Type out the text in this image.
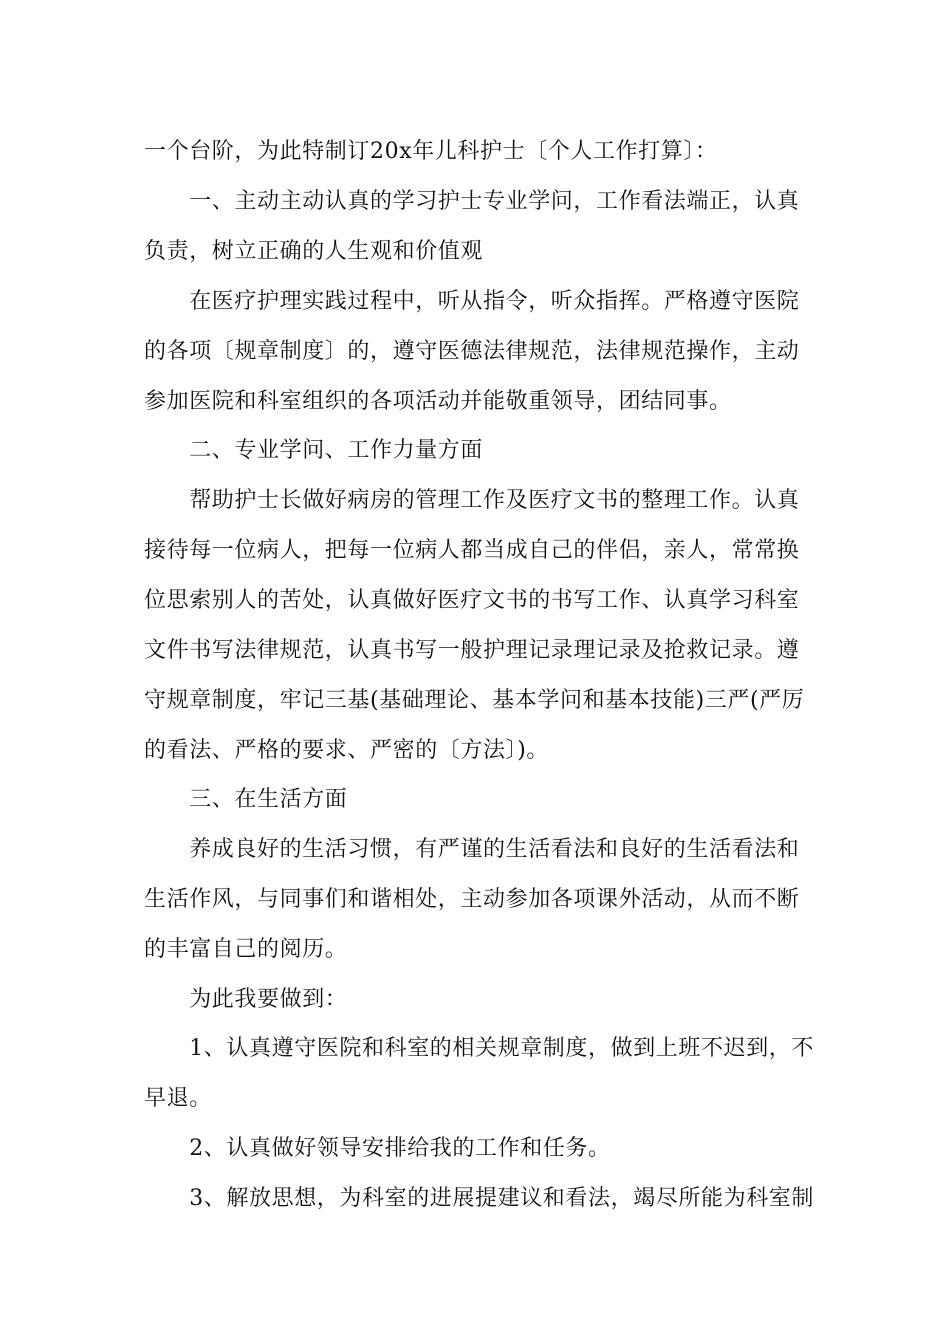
一个台阶，为此特制订20x年儿科护士〔个人工作打算〕：
　　一、主动主动认真的学习护士专业学问，工作看法端正，认真
负责，树立正确的人生观和价值观
　　在医疗护理实践过程中，听从指令，听众指挥。严格遵守医院
的各项〔规章制度〕的，遵守医德法律规范，法律规范操作，主动
参加医院和科室组织的各项活动并能敬重领导，团结同事。
　　二、专业学问、工作力量方面
　　帮助护士长做好病房的管理工作及医疗文书的整理工作。认真
接待每一位病人，把每一位病人都当成自己的伴侣，亲人，常常换
位思索别人的苦处，认真做好医疗文书的书写工作、认真学习科室
文件书写法律规范，认真书写一般护理记录理记录及抢救记录。遵
守规章制度，牢记三基(基础理论、基本学问和基本技能)三严(严厉
的看法、严格的要求、严密的〔方法〕)。
　　三、在生活方面
　　养成良好的生活习惯，有严谨的生活看法和良好的生活看法和
生活作风，与同事们和谐相处，主动参加各项课外活动，从而不断
的丰富自己的阅历。
　　为此我要做到：
　　1、认真遵守医院和科室的相关规章制度，做到上班不迟到，不
早退。
　　2、认真做好领导安排给我的工作和任务。
　　3、解放思想，为科室的进展提建议和看法，竭尽所能为科室制
